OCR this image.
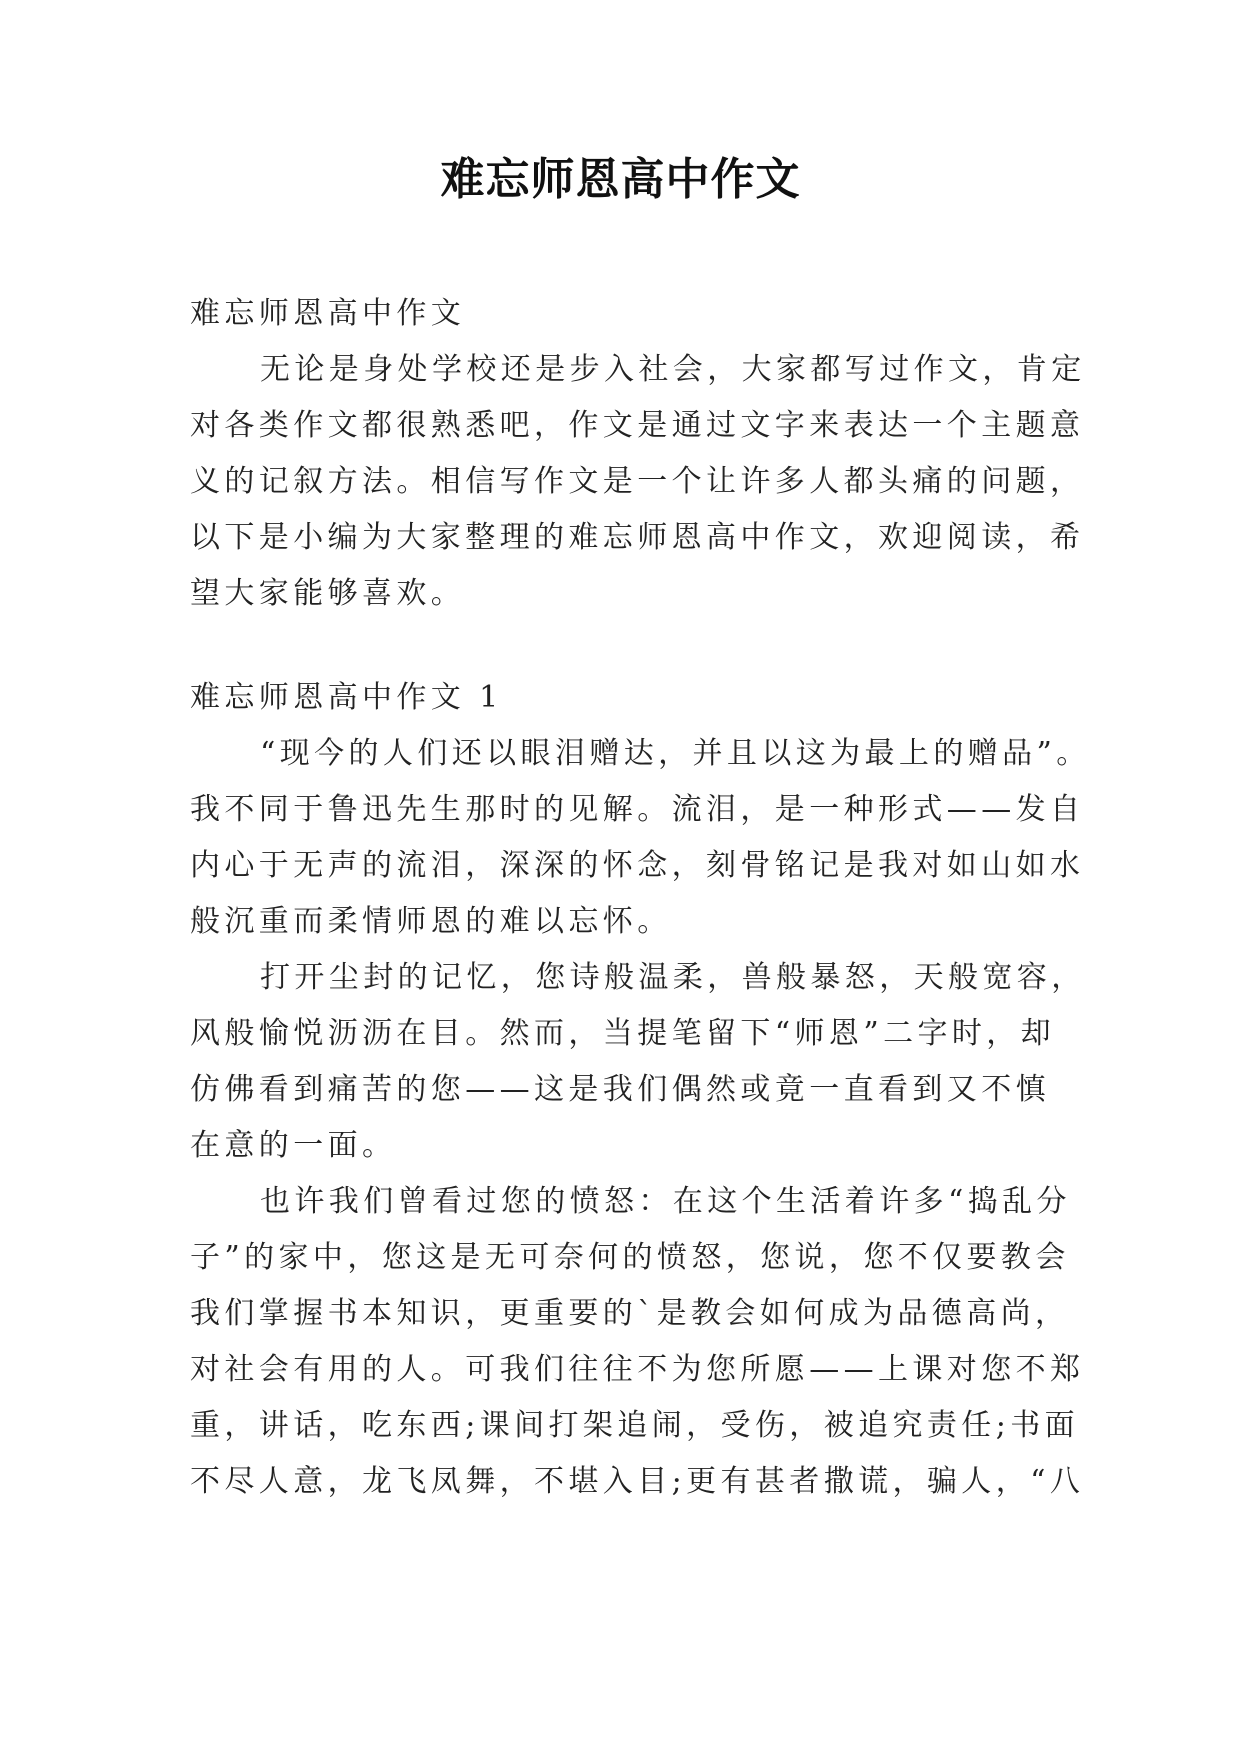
难忘师恩高中作文
难忘师恩高中作文
无论是身处学校还是步入社会，大家都写过作文，肯定
对各类作文都很熟悉吧，作文是通过文字来表达一个主题意
义的记叙方法。相信写作文是一个让许多人都头痛的问题，
以下是小编为大家整理的难忘师恩高中作文，欢迎阅读，希
望大家能够喜欢。
难忘师恩高中作文 1
“现今的人们还以眼泪赠达，并且以这为最上的赠品”。
我不同于鲁迅先生那时的见解。流泪，是一种形式——发自
内心于无声的流泪，深深的怀念，刻骨铭记是我对如山如水
般沉重而柔情师恩的难以忘怀。
打开尘封的记忆，您诗般温柔，兽般暴怒，天般宽容，
风般愉悦沥沥在目。然而，当提笔留下“师恩”二字时，却
仿佛看到痛苦的您——这是我们偶然或竟一直看到又不慎
在意的一面。
也许我们曾看过您的愤怒：在这个生活着许多“捣乱分
子”的家中，您这是无可奈何的愤怒，您说，您不仅要教会
我们掌握书本知识，更重要的`是教会如何成为品德高尚，
对社会有用的人。可我们往往不为您所愿——上课对您不郑
重，讲话，吃东西;课间打架追闹，受伤，被追究责任;书面
不尽人意，龙飞凤舞，不堪入目;更有甚者撒谎，骗人，“八
